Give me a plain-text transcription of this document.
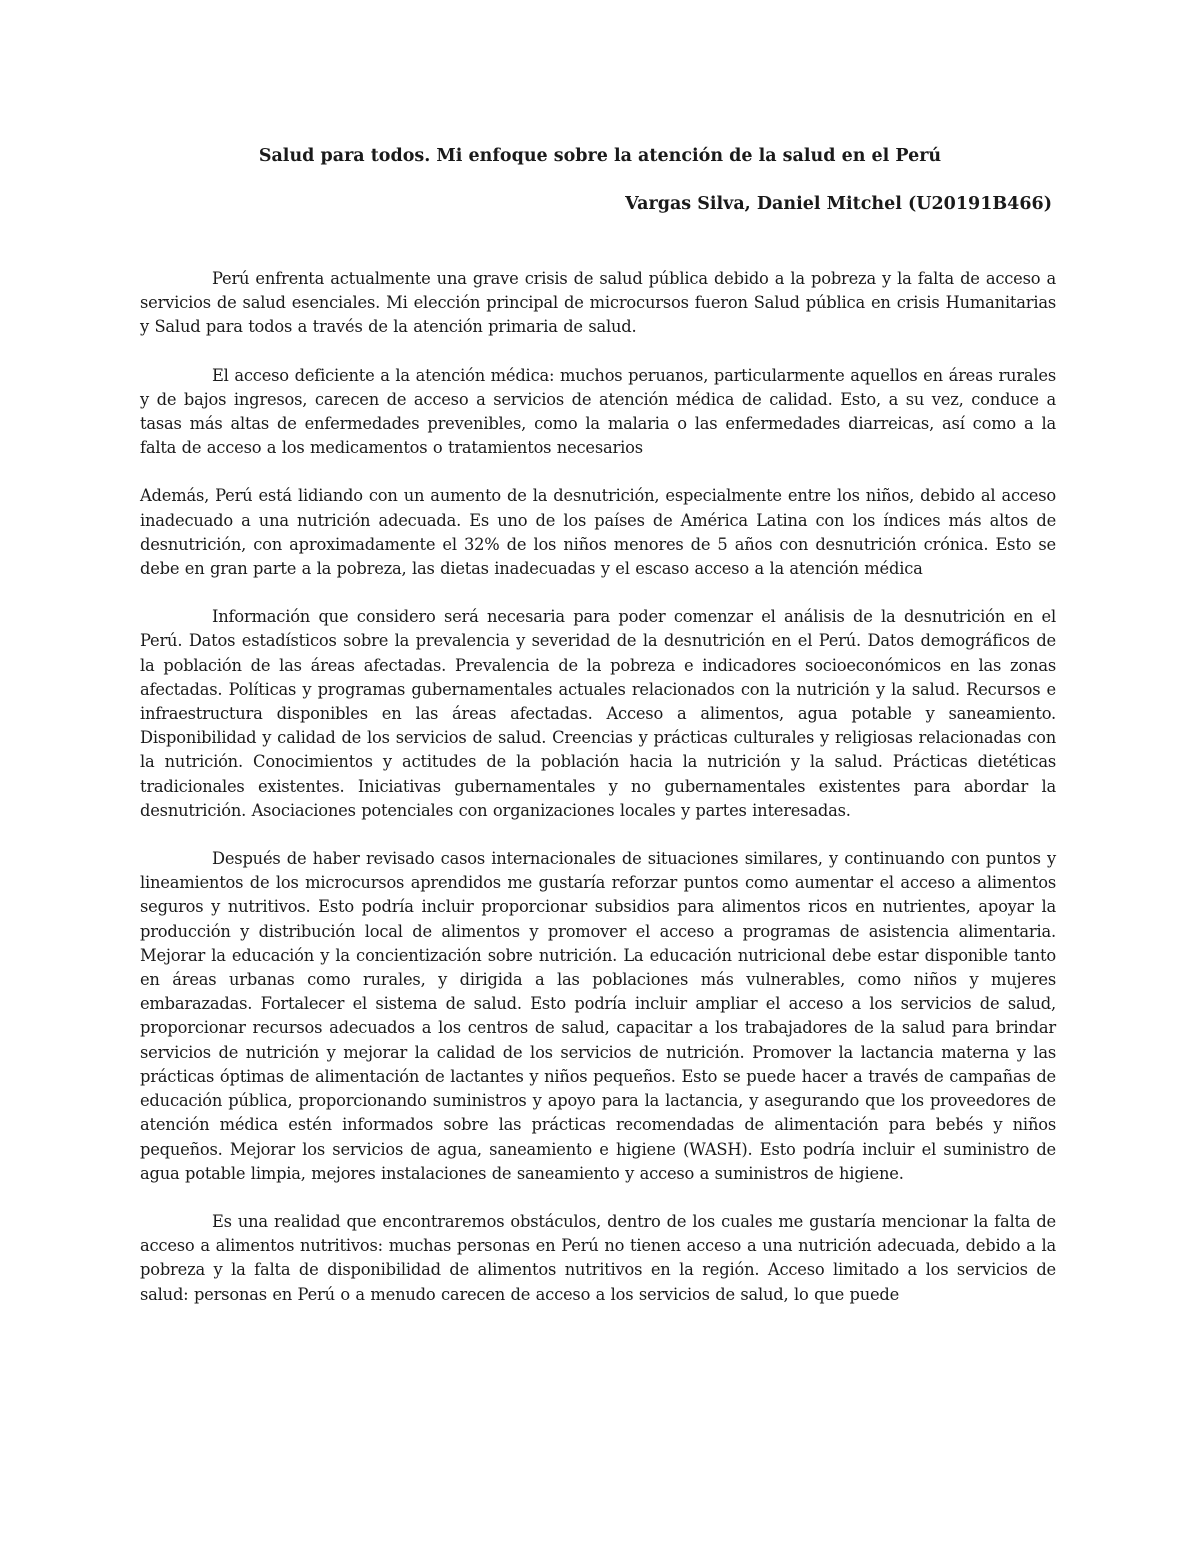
Salud para todos. Mi enfoque sobre la atención de la salud en el Perú

Vargas Silva, Daniel Mitchel (U20191B466)

Perú enfrenta actualmente una grave crisis de salud pública debido a la pobreza y la falta de acceso a servicios de salud esenciales. Mi elección principal de microcursos fueron Salud pública en crisis Humanitarias y Salud para todos a través de la atención primaria de salud.

El acceso deficiente a la atención médica: muchos peruanos, particularmente aquellos en áreas rurales y de bajos ingresos, carecen de acceso a servicios de atención médica de calidad. Esto, a su vez, conduce a tasas más altas de enfermedades prevenibles, como la malaria o las enfermedades diarreicas, así como a la falta de acceso a los medicamentos o tratamientos necesarios

Además, Perú está lidiando con un aumento de la desnutrición, especialmente entre los niños, debido al acceso inadecuado a una nutrición adecuada. Es uno de los países de América Latina con los índices más altos de desnutrición, con aproximadamente el 32% de los niños menores de 5 años con desnutrición crónica. Esto se debe en gran parte a la pobreza, las dietas inadecuadas y el escaso acceso a la atención médica

Información que considero será necesaria para poder comenzar el análisis de la desnutrición en el Perú. Datos estadísticos sobre la prevalencia y severidad de la desnutrición en el Perú. Datos demográficos de la población de las áreas afectadas. Prevalencia de la pobreza e indicadores socioeconómicos en las zonas afectadas. Políticas y programas gubernamentales actuales relacionados con la nutrición y la salud. Recursos e infraestructura disponibles en las áreas afectadas. Acceso a alimentos, agua potable y saneamiento. Disponibilidad y calidad de los servicios de salud. Creencias y prácticas culturales y religiosas relacionadas con la nutrición. Conocimientos y actitudes de la población hacia la nutrición y la salud. Prácticas dietéticas tradicionales existentes. Iniciativas gubernamentales y no gubernamentales existentes para abordar la desnutrición. Asociaciones potenciales con organizaciones locales y partes interesadas.

Después de haber revisado casos internacionales de situaciones similares, y continuando con puntos y lineamientos de los microcursos aprendidos me gustaría reforzar puntos como aumentar el acceso a alimentos seguros y nutritivos. Esto podría incluir proporcionar subsidios para alimentos ricos en nutrientes, apoyar la producción y distribución local de alimentos y promover el acceso a programas de asistencia alimentaria. Mejorar la educación y la concientización sobre nutrición. La educación nutricional debe estar disponible tanto en áreas urbanas como rurales, y dirigida a las poblaciones más vulnerables, como niños y mujeres embarazadas. Fortalecer el sistema de salud. Esto podría incluir ampliar el acceso a los servicios de salud, proporcionar recursos adecuados a los centros de salud, capacitar a los trabajadores de la salud para brindar servicios de nutrición y mejorar la calidad de los servicios de nutrición. Promover la lactancia materna y las prácticas óptimas de alimentación de lactantes y niños pequeños. Esto se puede hacer a través de campañas de educación pública, proporcionando suministros y apoyo para la lactancia, y asegurando que los proveedores de atención médica estén informados sobre las prácticas recomendadas de alimentación para bebés y niños pequeños. Mejorar los servicios de agua, saneamiento e higiene (WASH). Esto podría incluir el suministro de agua potable limpia, mejores instalaciones de saneamiento y acceso a suministros de higiene.

Es una realidad que encontraremos obstáculos, dentro de los cuales me gustaría mencionar la falta de acceso a alimentos nutritivos: muchas personas en Perú no tienen acceso a una nutrición adecuada, debido a la pobreza y la falta de disponibilidad de alimentos nutritivos en la región. Acceso limitado a los servicios de salud: personas en Perú o a menudo carecen de acceso a los servicios de salud, lo que puede
